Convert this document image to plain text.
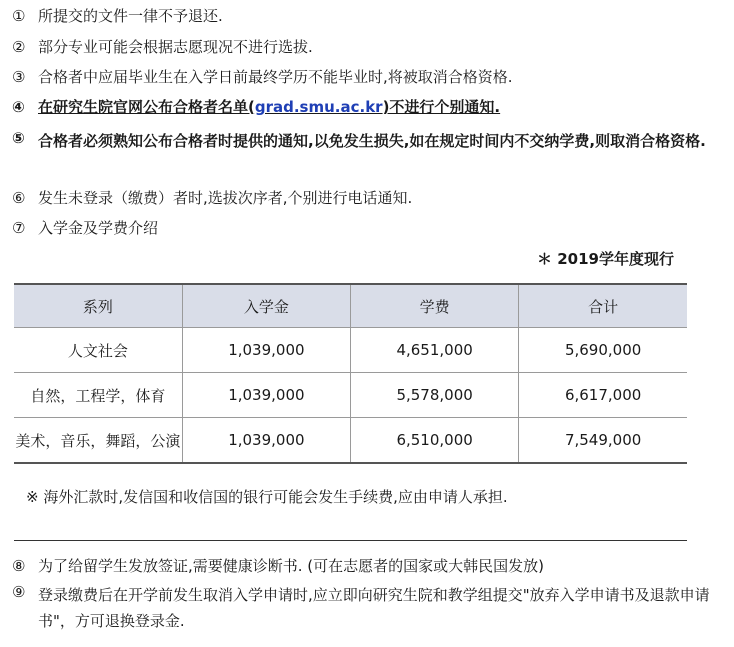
① 所提交的文件一律不予退还.
② 部分专业可能会根据志愿现况不进行选拔.
③ 合格者中应届毕业生在入学日前最终学历不能毕业时,将被取消合格资格.
④ 在研究生院官网公布合格者名单(grad.smu.ac.kr)不进行个别通知.
⑤ 合格者必须熟知公布合格者时提供的通知,以免发生损失,如在规定时间内不交纳学费,则取消合格资格.
⑥ 发生未登录（缴费）者时,选拔次序者,个别进行电话通知.
⑦ 入学金及学费介绍
＊ 2019学年度现行
系列	入学金	学费	合计
人文社会	1,039,000	4,651,000	5,690,000
自然，工程学，体育	1,039,000	5,578,000	6,617,000
美术，音乐，舞蹈，公演	1,039,000	6,510,000	7,549,000
※ 海外汇款时,发信国和收信国的银行可能会发生手续费,应由申请人承担.
⑧ 为了给留学生发放签证,需要健康诊断书. (可在志愿者的国家或大韩民国发放)
⑨ 登录缴费后在开学前发生取消入学申请时,应立即向研究生院和教学组提交"放弃入学申请书及退款申请书"，方可退换登录金.
